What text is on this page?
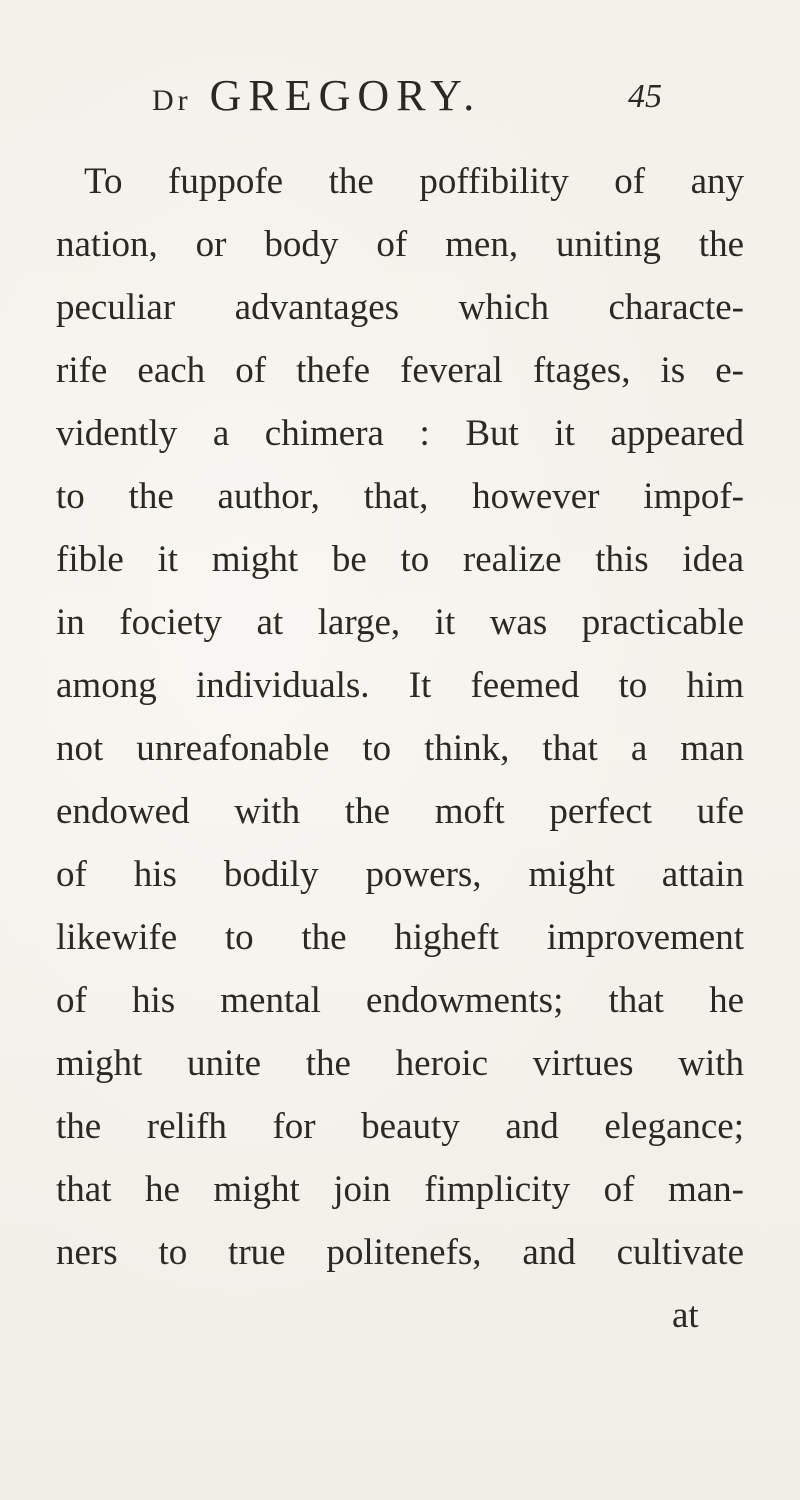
Dr GREGORY.	45
To fuppofe the poffibility of any
nation, or body of men, uniting the
peculiar advantages which characte-
rife each of thefe feveral ftages, is e-
vidently a chimera : But it appeared
to the author, that, however impof-
fible it might be to realize this idea
in fociety at large, it was practicable
among individuals. It feemed to him
not unreafonable to think, that a man
endowed with the moft perfect ufe
of his bodily powers, might attain
likewife to the higheft improvement
of his mental endowments; that he
might unite the heroic virtues with
the relifh for beauty and elegance;
that he might join fimplicity of man-
ners to true politenefs, and cultivate
at
